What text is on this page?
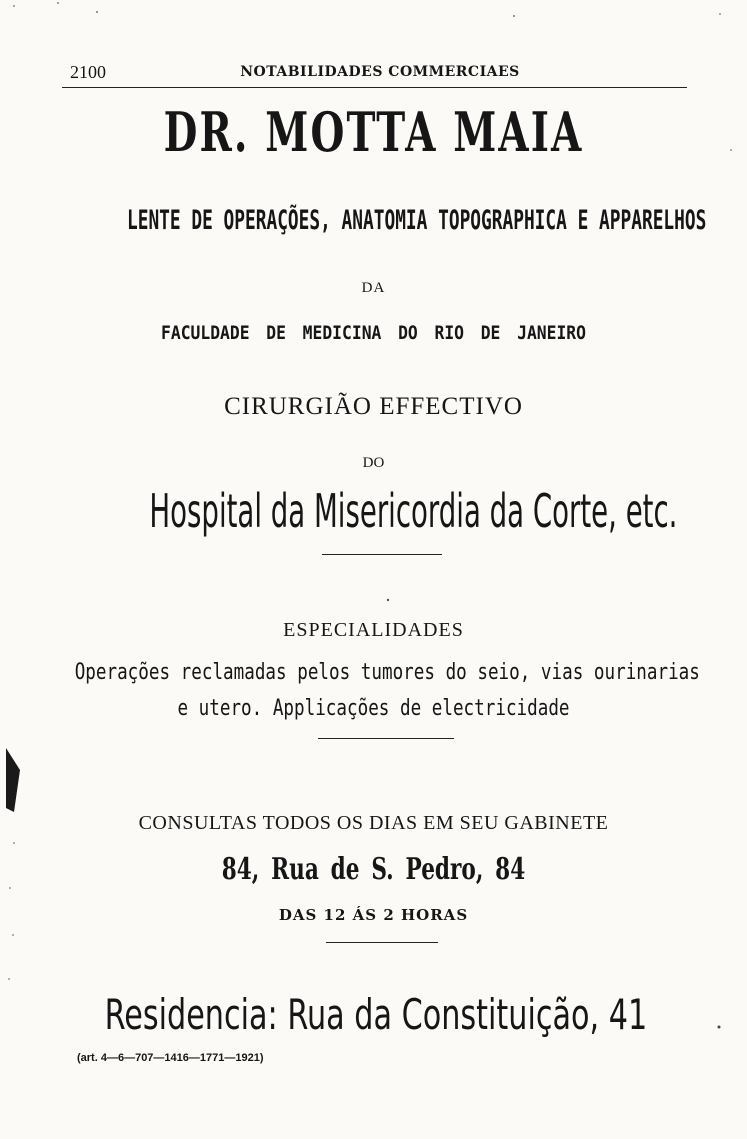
2100	NOTABILIDADES COMMERCIAES
DR. MOTTA MAIA
LENTE DE OPERAÇÕES, ANATOMIA TOPOGRAPHICA E APPARELHOS
DA
FACULDADE DE MEDICINA DO RIO DE JANEIRO
CIRURGIÃO EFFECTIVO
DO
Hospital da Misericordia da Corte, etc.
ESPECIALIDADES
Operações reclamadas pelos tumores do seio, vias ourinarias
e utero. Applicações de electricidade
CONSULTAS TODOS OS DIAS EM SEU GABINETE
84, Rua de S. Pedro, 84
DAS 12 ÁS 2 HORAS
Residencia: Rua da Constituição, 41
(art. 4—6—707—1416—1771—1921)
